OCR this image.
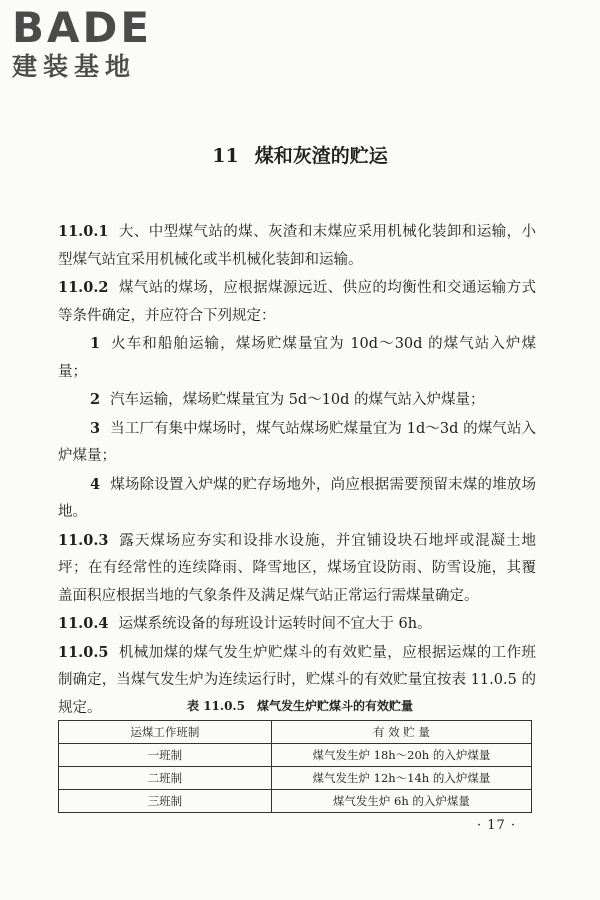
BADE
建装基地
11 煤和灰渣的贮运

11.0.1 大、中型煤气站的煤、灰渣和末煤应采用机械化装卸和运输，小型煤气站宜采用机械化或半机械化装卸和运输。

11.0.2 煤气站的煤场，应根据煤源远近、供应的均衡性和交通运输方式等条件确定，并应符合下列规定：

1 火车和船舶运输，煤场贮煤量宜为 10d～30d 的煤气站入炉煤量；

2 汽车运输，煤场贮煤量宜为 5d～10d 的煤气站入炉煤量；

3 当工厂有集中煤场时，煤气站煤场贮煤量宜为 1d～3d 的煤气站入炉煤量；

4 煤场除设置入炉煤的贮存场地外，尚应根据需要预留末煤的堆放场地。

11.0.3 露天煤场应夯实和设排水设施，并宜铺设块石地坪或混凝土地坪；在有经常性的连续降雨、降雪地区，煤场宜设防雨、防雪设施，其覆盖面积应根据当地的气象条件及满足煤气站正常运行需煤量确定。

11.0.4 运煤系统设备的每班设计运转时间不宜大于 6h。

11.0.5 机械加煤的煤气发生炉贮煤斗的有效贮量，应根据运煤的工作班制确定，当煤气发生炉为连续运行时，贮煤斗的有效贮量宜按表 11.0.5 的规定。	表 11.0.5 煤气发生炉贮煤斗的有效贮量
运煤工作班制	有 效 贮 量
一班制	煤气发生炉 18h～20h 的入炉煤量
二班制	煤气发生炉 12h～14h 的入炉煤量
三班制	煤气发生炉 6h 的入炉煤量
· 17 ·
